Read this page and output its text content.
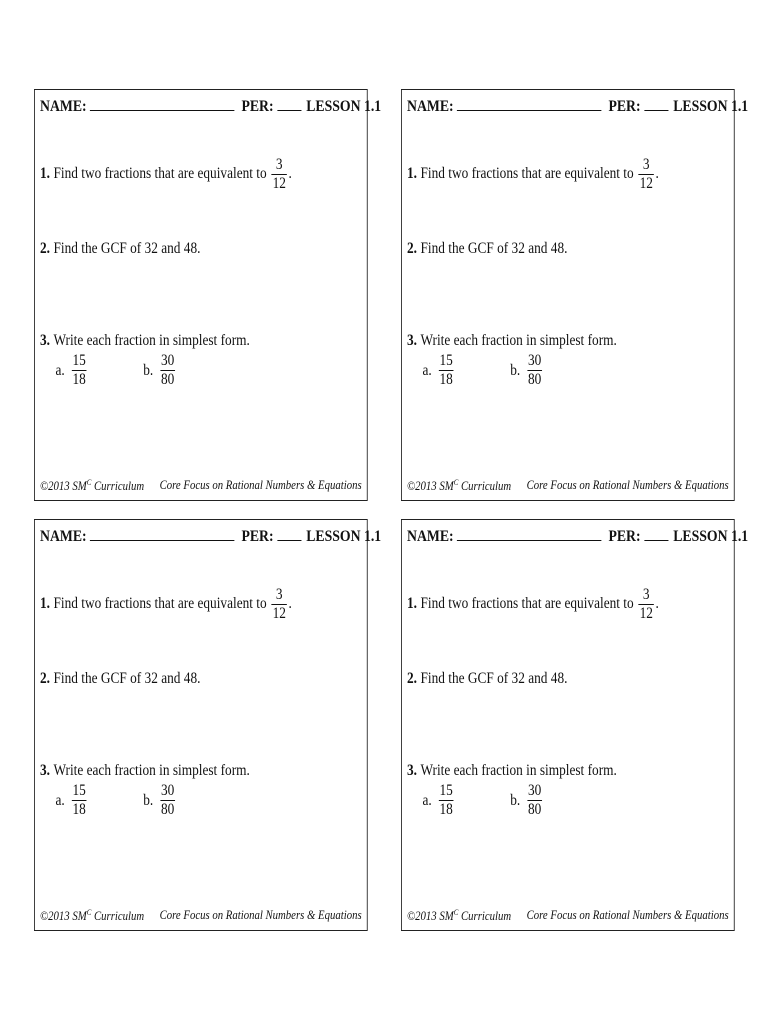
NAME:	PER: LESSON 1.1
1. Find two fractions that are equivalent to $\frac{3}{12}$ .
2. Find the GCF of 32 and 48.
3. Write each fraction in simplest form.
a. $\frac{15}{18}$	b. $\frac{30}{80}$
©2013 $SM^C$ Curriculum Core Focus on Rational Numbers & Equations
NAME:	PER: LESSON 1.1
1. Find two fractions that are equivalent to $\frac{3}{12}$ .
2. Find the GCF of 32 and 48.
3. Write each fraction in simplest form.
a. $\frac{15}{18}$	b. $\frac{30}{80}$
©2013 $SM^C$ Curriculum Core Focus on Rational Numbers & Equations
NAME:	PER: LESSON 1.1
1. Find two fractions that are equivalent to $\frac{3}{12}$ .
2. Find the GCF of 32 and 48.
3. Write each fraction in simplest form.
a. $\frac{15}{18}$	b. $\frac{30}{80}$
©2013 $SM^C$ Curriculum Core Focus on Rational Numbers & Equations
NAME:	PER: LESSON 1.1
1. Find two fractions that are equivalent to $\frac{3}{12}$ .
2. Find the GCF of 32 and 48.
3. Write each fraction in simplest form.
a. $\frac{15}{18}$	b. $\frac{30}{80}$
©2013 $SM^C$ Curriculum Core Focus on Rational Numbers & Equations
